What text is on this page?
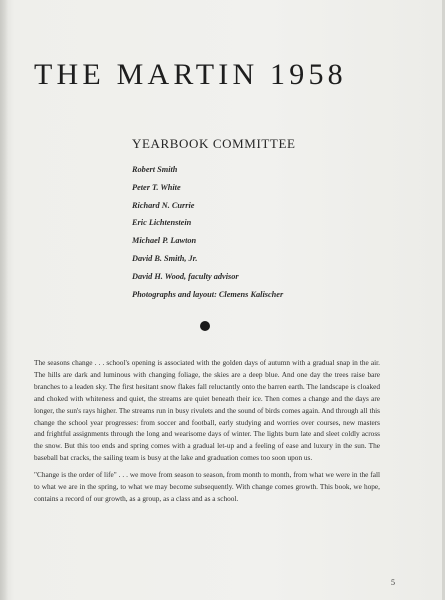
THE MARTIN 1958
YEARBOOK COMMITTEE
Robert Smith
Peter T. White
Richard N. Currie
Eric Lichtenstein
Michael P. Lawton
David B. Smith, Jr.
David H. Wood, faculty advisor
Photographs and layout: Clemens Kalischer

The seasons change . . . school's opening is associated with the golden days of autumn with a gradual snap in the air. The hills are dark and luminous with changing foliage, the skies are a deep blue. And one day the trees raise bare branches to a leaden sky. The first hesitant snow flakes fall reluctantly onto the barren earth. The landscape is cloaked and choked with whiteness and quiet, the streams are quiet beneath their ice. Then comes a change and the days are longer, the sun's rays higher. The streams run in busy rivulets and the sound of birds comes again. And through all this change the school year progresses: from soccer and football, early studying and worries over courses, new masters and frightful assignments through the long and wearisome days of winter. The lights burn late and sleet coldly across the snow. But this too ends and spring comes with a gradual let-up and a feeling of ease and luxury in the sun. The baseball bat cracks, the sailing team is busy at the lake and graduation comes too soon upon us.

"Change is the order of life" . . . we move from season to season, from month to month, from what we were in the fall to what we are in the spring, to what we may become subsequently. With change comes growth. This book, we hope, contains a record of our growth, as a group, as a class and as a school.

5
